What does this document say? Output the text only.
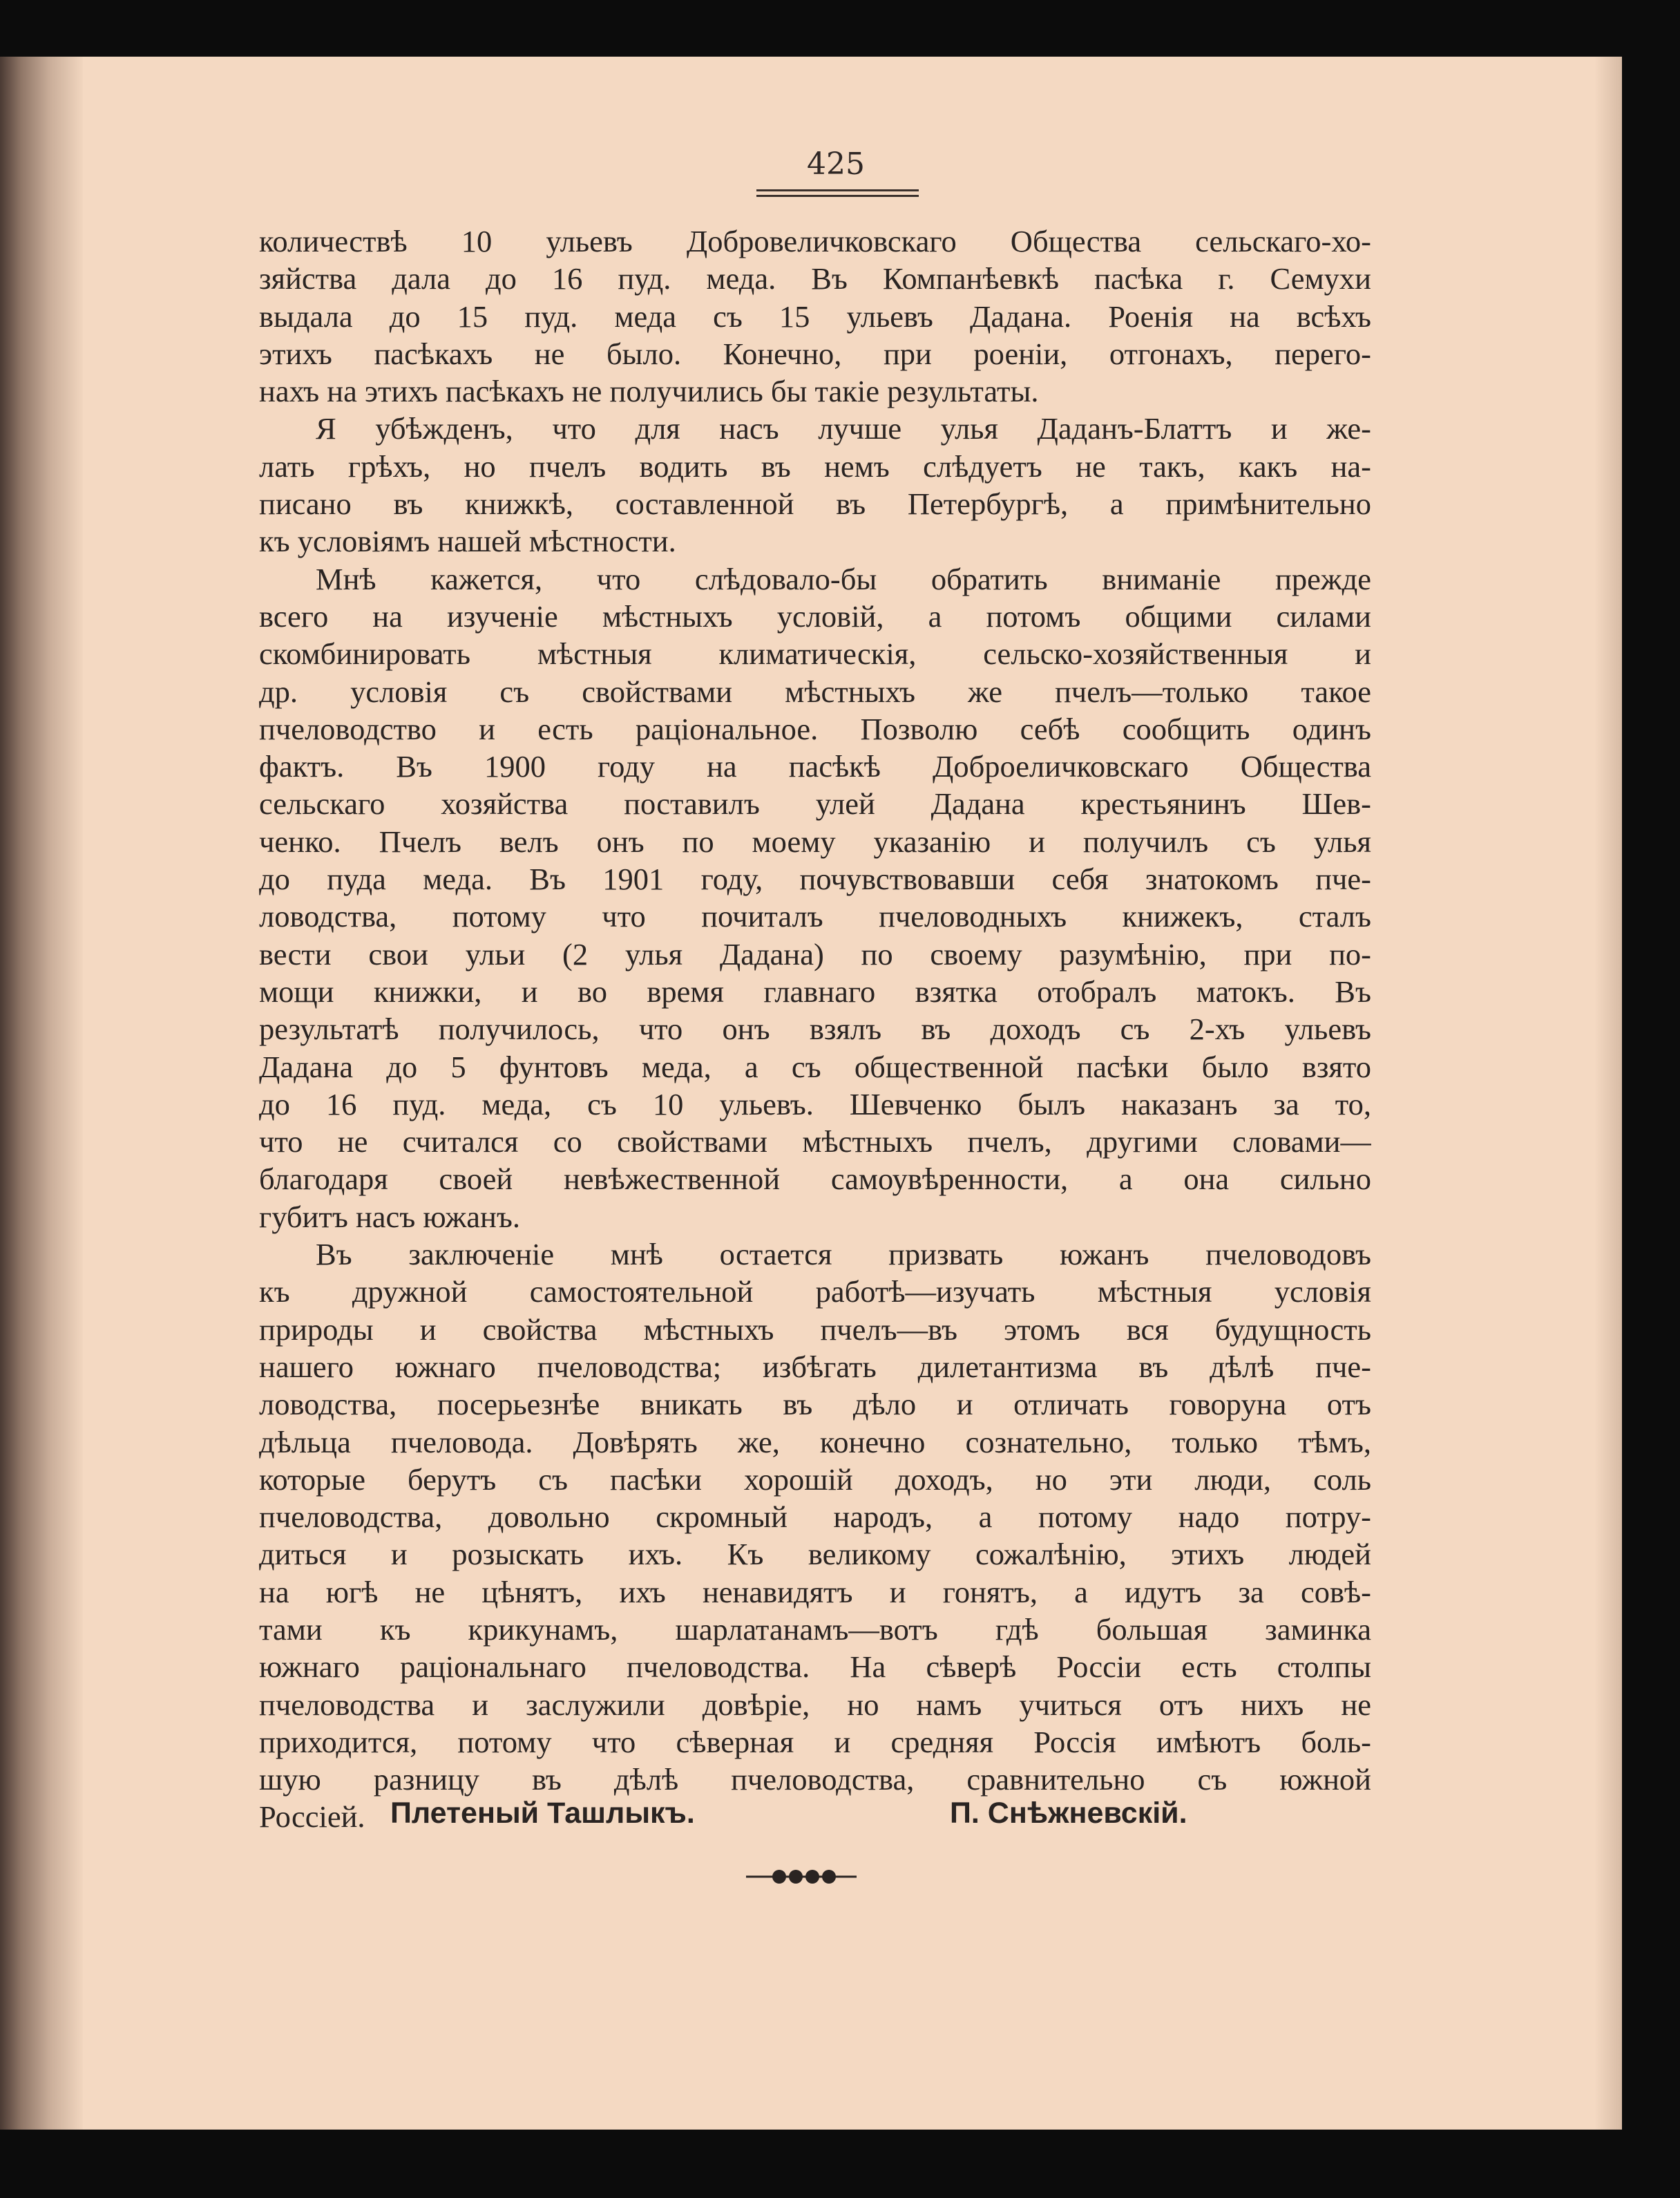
425
количествѣ 10 ульевъ Добровеличковскаго Общества сельскаго-хо-
зяйства дала до 16 пуд. меда. Въ Компанѣевкѣ пасѣка г. Семухи
выдала до 15 пуд. меда съ 15 ульевъ Дадана. Роенія на всѣхъ
этихъ пасѣкахъ не было. Конечно, при роеніи, отгонахъ, перего-
нахъ на этихъ пасѣкахъ не получились бы такіе результаты.
Я убѣжденъ, что для насъ лучше улья Даданъ-Блаттъ и же-
лать грѣхъ, но пчелъ водить въ немъ слѣдуетъ не такъ, какъ на-
писано въ книжкѣ, составленной въ Петербургѣ, а примѣнительно
къ условіямъ нашей мѣстности.
Мнѣ кажется, что слѣдовало-бы обратить вниманіе прежде
всего на изученіе мѣстныхъ условій, а потомъ общими силами
скомбинировать мѣстныя климатическія, сельско-хозяйственныя и
др. условія съ свойствами мѣстныхъ же пчелъ—только такое
пчеловодство и есть раціональное. Позволю себѣ сообщить одинъ
фактъ. Въ 1900 году на пасѣкѣ Доброеличковскаго Общества
сельскаго хозяйства поставилъ улей Дадана крестьянинъ Шев-
ченко. Пчелъ велъ онъ по моему указанію и получилъ съ улья
до пуда меда. Въ 1901 году, почувствовавши себя знатокомъ пче-
ловодства, потому что почиталъ пчеловодныхъ книжекъ, сталъ
вести свои ульи (2 улья Дадана) по своему разумѣнію, при по-
мощи книжки, и во время главнаго взятка отобралъ матокъ. Въ
результатѣ получилось, что онъ взялъ въ доходъ съ 2-хъ ульевъ
Дадана до 5 фунтовъ меда, а съ общественной пасѣки было взято
до 16 пуд. меда, съ 10 ульевъ. Шевченко былъ наказанъ за то,
что не считался со свойствами мѣстныхъ пчелъ, другими словами—
благодаря своей невѣжественной самоувѣренности, а она сильно
губитъ насъ южанъ.
Въ заключеніе мнѣ остается призвать южанъ пчеловодовъ
къ дружной самостоятельной работѣ—изучать мѣстныя условія
природы и свойства мѣстныхъ пчелъ—въ этомъ вся будущность
нашего южнаго пчеловодства; избѣгать дилетантизма въ дѣлѣ пче-
ловодства, посерьезнѣе вникать въ дѣло и отличать говоруна отъ
дѣльца пчеловода. Довѣрять же, конечно сознательно, только тѣмъ,
которые берутъ съ пасѣки хорошій доходъ, но эти люди, соль
пчеловодства, довольно скромный народъ, а потому надо потру-
диться и розыскать ихъ. Къ великому сожалѣнію, этихъ людей
на югѣ не цѣнятъ, ихъ ненавидятъ и гонятъ, а идутъ за совѣ-
тами къ крикунамъ, шарлатанамъ—вотъ гдѣ большая заминка
южнаго раціональнаго пчеловодства. На сѣверѣ Россіи есть столпы
пчеловодства и заслужили довѣріе, но намъ учиться отъ нихъ не
приходится, потому что сѣверная и средняя Россія имѣютъ боль-
шую разницу въ дѣлѣ пчеловодства, сравнительно съ южной
Россіей. Плетеный Ташлыкъ.	П. Снѣжневскій.
